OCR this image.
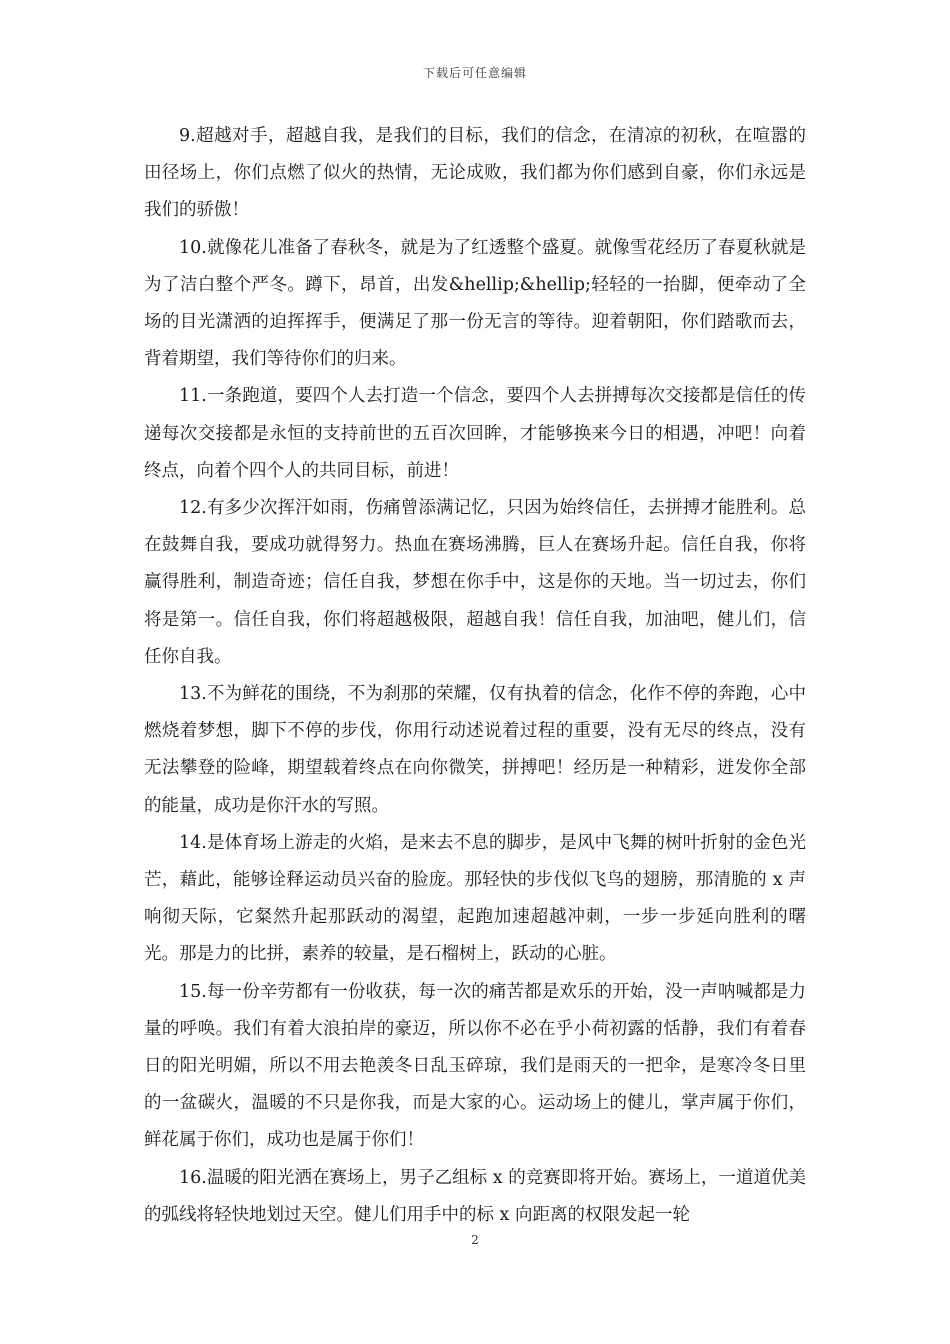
下载后可任意编辑

9.超越对手，超越自我，是我们的目标，我们的信念，在清凉的初秋，在喧嚣的田径场上，你们点燃了似火的热情，无论成败，我们都为你们感到自豪，你们永远是我们的骄傲！

10.就像花儿准备了春秋冬，就是为了红透整个盛夏。就像雪花经历了春夏秋就是为了洁白整个严冬。蹲下，昂首，出发&hellip;&hellip;轻轻的一抬脚，便牵动了全场的目光潇洒的迫挥挥手，便满足了那一份无言的等待。迎着朝阳，你们踏歌而去，背着期望，我们等待你们的归来。

11.一条跑道，要四个人去打造一个信念，要四个人去拼搏每次交接都是信任的传递每次交接都是永恒的支持前世的五百次回眸，才能够换来今日的相遇，冲吧！向着终点，向着个四个人的共同目标，前进！

12.有多少次挥汗如雨，伤痛曾添满记忆，只因为始终信任，去拼搏才能胜利。总在鼓舞自我，要成功就得努力。热血在赛场沸腾，巨人在赛场升起。信任自我，你将赢得胜利，制造奇迹；信任自我，梦想在你手中，这是你的天地。当一切过去，你们将是第一。信任自我，你们将超越极限，超越自我！信任自我，加油吧，健儿们，信任你自我。

13.不为鲜花的围绕，不为刹那的荣耀，仅有执着的信念，化作不停的奔跑，心中燃烧着梦想，脚下不停的步伐，你用行动述说着过程的重要，没有无尽的终点，没有无法攀登的险峰，期望载着终点在向你微笑，拼搏吧！经历是一种精彩，迸发你全部的能量，成功是你汗水的写照。

14.是体育场上游走的火焰，是来去不息的脚步，是风中飞舞的树叶折射的金色光芒，藉此，能够诠释运动员兴奋的脸庞。那轻快的步伐似飞鸟的翅膀，那清脆的 x 声响彻天际，它粲然升起那跃动的渴望，起跑加速超越冲刺，一步一步延向胜利的曙光。那是力的比拼，素养的较量，是石榴树上，跃动的心脏。

15.每一份辛劳都有一份收获，每一次的痛苦都是欢乐的开始，没一声呐喊都是力量的呼唤。我们有着大浪拍岸的豪迈，所以你不必在乎小荷初露的恬静，我们有着春日的阳光明媚，所以不用去艳羡冬日乱玉碎琼，我们是雨天的一把伞，是寒冷冬日里的一盆碳火，温暖的不只是你我，而是大家的心。运动场上的健儿，掌声属于你们，鲜花属于你们，成功也是属于你们！

16.温暖的阳光洒在赛场上，男子乙组标 x 的竞赛即将开始。赛场上，一道道优美的弧线将轻快地划过天空。健儿们用手中的标 x 向距离的权限发起一轮

2
